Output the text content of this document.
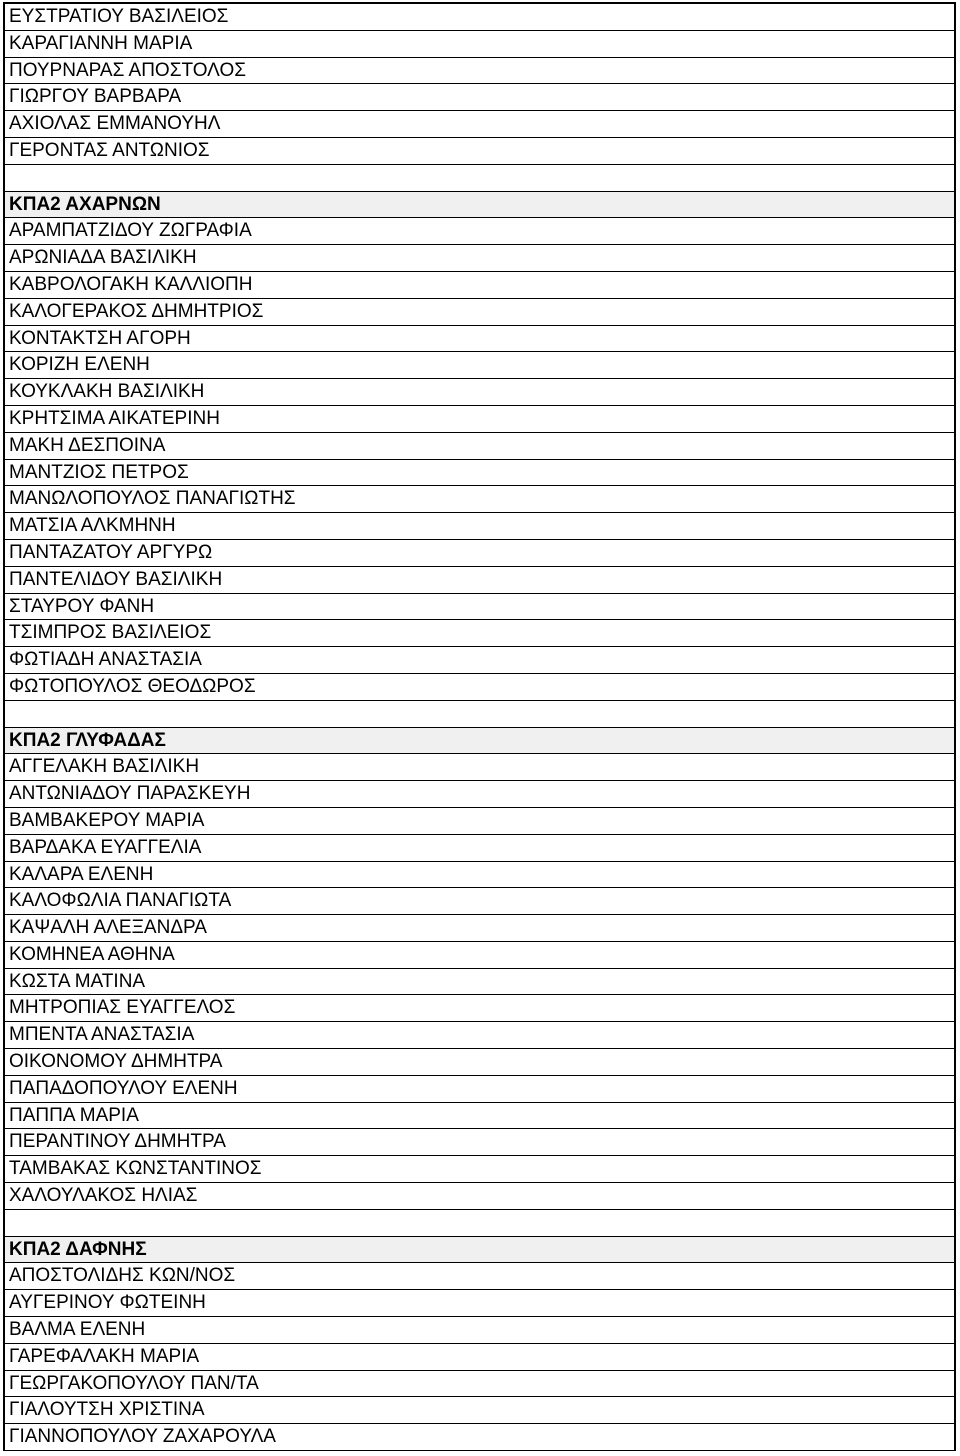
ΕΥΣΤΡΑΤΙΟΥ ΒΑΣΙΛΕΙΟΣ
ΚΑΡΑΓΙΑΝΝΗ ΜΑΡΙΑ
ΠΟΥΡΝΑΡΑΣ ΑΠΟΣΤΟΛΟΣ
ΓΙΩΡΓΟΥ ΒΑΡΒΑΡΑ
ΑΧΙΟΛΑΣ ΕΜΜΑΝΟΥΗΛ
ΓΕΡΟΝΤΑΣ ΑΝΤΩΝΙΟΣ
ΚΠΑ2 ΑΧΑΡΝΩΝ
ΑΡΑΜΠΑΤΖΙΔΟΥ ΖΩΓΡΑΦΙΑ
ΑΡΩΝΙΑΔΑ ΒΑΣΙΛΙΚΗ
ΚΑΒΡΟΛΟΓΑΚΗ ΚΑΛΛΙΟΠΗ
ΚΑΛΟΓΕΡΑΚΟΣ ΔΗΜΗΤΡΙΟΣ
ΚΟΝΤΑΚΤΣΗ ΑΓΟΡΗ
ΚΟΡΙΖΗ ΕΛΕΝΗ
ΚΟΥΚΛΑΚΗ ΒΑΣΙΛΙΚΗ
ΚΡΗΤΣΙΜΑ ΑΙΚΑΤΕΡΙΝΗ
ΜΑΚΗ ΔΕΣΠΟΙΝΑ
ΜΑΝΤΖΙΟΣ ΠΕΤΡΟΣ
ΜΑΝΩΛΟΠΟΥΛΟΣ ΠΑΝΑΓΙΩΤΗΣ
ΜΑΤΣΙΑ ΑΛΚΜΗΝΗ
ΠΑΝΤΑΖΑΤΟΥ ΑΡΓΥΡΩ
ΠΑΝΤΕΛΙΔΟΥ ΒΑΣΙΛΙΚΗ
ΣΤΑΥΡΟΥ ΦΑΝΗ
ΤΣΙΜΠΡΟΣ ΒΑΣΙΛΕΙΟΣ
ΦΩΤΙΑΔΗ ΑΝΑΣΤΑΣΙΑ
ΦΩΤΟΠΟΥΛΟΣ ΘΕΟΔΩΡΟΣ
ΚΠΑ2 ΓΛΥΦΑΔΑΣ
ΑΓΓΕΛΑΚΗ ΒΑΣΙΛΙΚΗ
ΑΝΤΩΝΙΑΔΟΥ ΠΑΡΑΣΚΕΥΗ
ΒΑΜΒΑΚΕΡΟΥ ΜΑΡΙΑ
ΒΑΡΔΑΚΑ ΕΥΑΓΓΕΛΙΑ
ΚΑΛΑΡΑ ΕΛΕΝΗ
ΚΑΛΟΦΩΛΙΑ ΠΑΝΑΓΙΩΤΑ
ΚΑΨΑΛΗ ΑΛΕΞΑΝΔΡΑ
ΚΟΜΗΝΕΑ ΑΘΗΝΑ
ΚΩΣΤΑ ΜΑΤΙΝΑ
ΜΗΤΡΟΠΙΑΣ ΕΥΑΓΓΕΛΟΣ
ΜΠΕΝΤΑ ΑΝΑΣΤΑΣΙΑ
ΟΙΚΟΝΟΜΟΥ ΔΗΜΗΤΡΑ
ΠΑΠΑΔΟΠΟΥΛΟΥ ΕΛΕΝΗ
ΠΑΠΠΑ ΜΑΡΙΑ
ΠΕΡΑΝΤΙΝΟΥ ΔΗΜΗΤΡΑ
ΤΑΜΒΑΚΑΣ ΚΩΝΣΤΑΝΤΙΝΟΣ
ΧΑΛΟΥΛΑΚΟΣ ΗΛΙΑΣ
ΚΠΑ2 ΔΑΦΝΗΣ
ΑΠΟΣΤΟΛΙΔΗΣ ΚΩΝ/ΝΟΣ
ΑΥΓΕΡΙΝΟΥ ΦΩΤΕΙΝΗ
ΒΑΛΜΑ ΕΛΕΝΗ
ΓΑΡΕΦΑΛΑΚΗ ΜΑΡΙΑ
ΓΕΩΡΓΑΚΟΠΟΥΛΟΥ ΠΑΝ/ΤΑ
ΓΙΑΛΟΥΤΣΗ ΧΡΙΣΤΙΝΑ
ΓΙΑΝΝΟΠΟΥΛΟΥ ΖΑΧΑΡΟΥΛΑ
